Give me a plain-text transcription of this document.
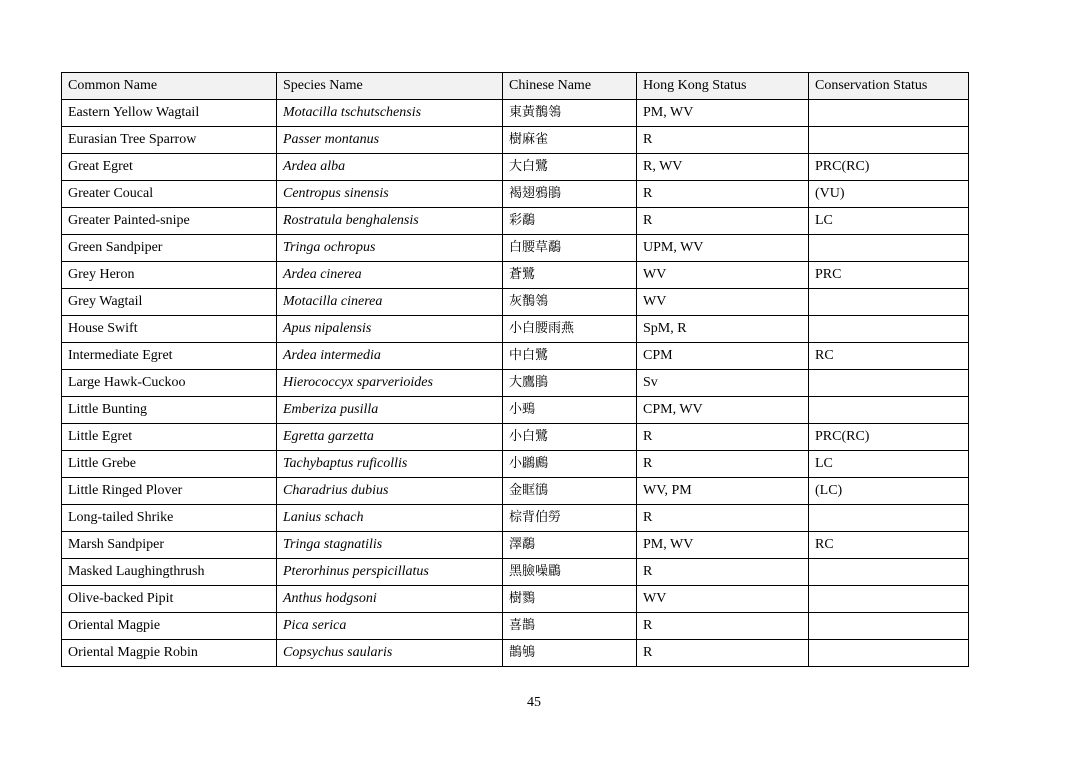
Common Name	Species Name	Chinese Name	Hong Kong Status	Conservation Status
Eastern Yellow Wagtail	Motacilla tschutschensis	東黃鶺鴒	PM, WV	
Eurasian Tree Sparrow	Passer montanus	樹麻雀	R	
Great Egret	Ardea alba	大白鷺	R, WV	PRC(RC)
Greater Coucal	Centropus sinensis	褐翅鴉鵑	R	(VU)
Greater Painted-snipe	Rostratula benghalensis	彩鷸	R	LC
Green Sandpiper	Tringa ochropus	白腰草鷸	UPM, WV	
Grey Heron	Ardea cinerea	蒼鷺	WV	PRC
Grey Wagtail	Motacilla cinerea	灰鶺鴒	WV	
House Swift	Apus nipalensis	小白腰雨燕	SpM, R	
Intermediate Egret	Ardea intermedia	中白鷺	CPM	RC
Large Hawk-Cuckoo	Hierococcyx sparverioides	大鷹鵑	Sv	
Little Bunting	Emberiza pusilla	小鵐	CPM, WV	
Little Egret	Egretta garzetta	小白鷺	R	PRC(RC)
Little Grebe	Tachybaptus ruficollis	小鸊鷉	R	LC
Little Ringed Plover	Charadrius dubius	金眶鴴	WV, PM	(LC)
Long-tailed Shrike	Lanius schach	棕背伯勞	R	
Marsh Sandpiper	Tringa stagnatilis	澤鷸	PM, WV	RC
Masked Laughingthrush	Pterorhinus perspicillatus	黑臉噪鶥	R	
Olive-backed Pipit	Anthus hodgsoni	樹鷚	WV	
Oriental Magpie	Pica serica	喜鵲	R	
Oriental Magpie Robin	Copsychus saularis	鵲鴝	R	
45
